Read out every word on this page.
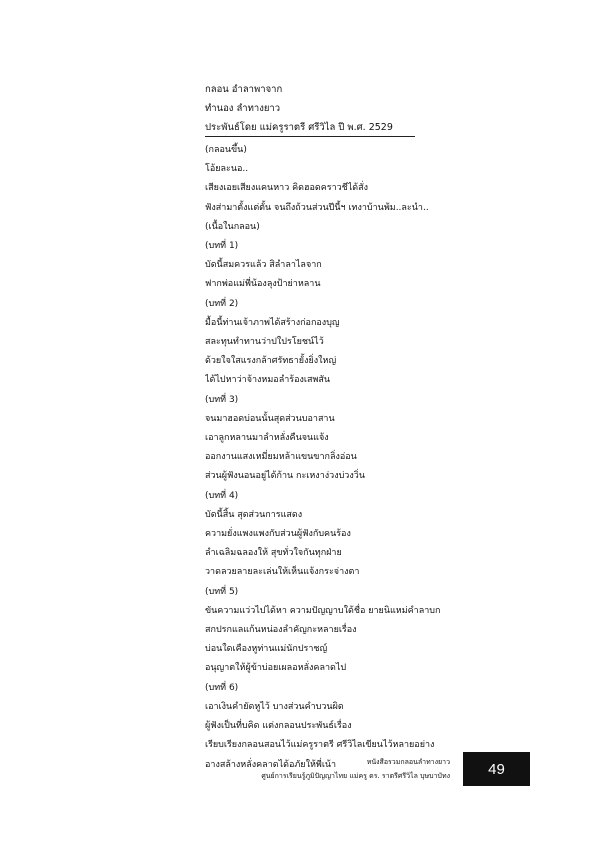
กลอน อำลาพาจาก
ทำนอง ลำทางยาว
ประพันธ์โดย แม่ครูราตรี ศรีวิไล ปี พ.ศ. 2529
(กลอนขึ้น)
โอ้ยละนอ..
เสียงเอยเสียงแคนหาว คิดฮอดคราวชีได้สั่ง
ฟังส่ามาตั้งแต่ตั้น จนถึงถ้วนส่วนปีนี้ฯ เทงาบ้านพ้ม..ละนำ..
(เนื้อในกลอน)
(บทที่ 1)
บัดนี้สมควรแล้ว สิลำลาไลจาก
ฟากพ่อแม่พี่น้องลุงป้าย่าหลาน
(บทที่ 2)
มื้อนี้ท่านเจ้าภาพได้สร้างก่อกองบุญ
สละทุนทำทานว่าปใปรโยชน์ไว้
ด้วยใจใสแรงกล้าศรัทธายั้งยิ่งใหญ่
ได้ไปหาว่าจ้างหมอลำร้องเสพสัน
(บทที่ 3)
จนมาฮอดบ่อนนั้นสุดส่วนบอาสาน
เอาลูกหลานมาลำหลั่งคืนจนแจ้ง
ออกงานแสงเหมี่ยมหล้าแขนขากลิ่งอ่อน
ส่วนผู้ฟังนอนอยู่ได้ก้าน กะเหงาง่วงบ่วงวิ่น
(บทที่ 4)
บัดนี้สิ้น สุดส่วนการแสดง
ความยั่งแพงแพงกับส่วนผู้ฟังกับคนร้อง
ลำเฉลิมฉลองให้ สุขทั่วใจกันทุกฝ่าย
วาดลวยลายละเล่นให้เห็นแจ้งกระจ่างตา
(บทที่ 5)
ขันความแว่วไปได้หา ความปัญญาบใด้ชื่อ ยายนิแหม่คำลาบก
สกปรกแลแก้นหน่องลำคัญกะหลายเรื่อง
บ่อนใดเคืองหูท่านแม่นักปราชญ์
อนุญาตให้ผู้ข้าบ่อยเผลอหลั่งคลาดไป
(บทที่ 6)
เอาเงินคำยัดหูไว้ บางส่วนคำบวนผิด
ผู้ฟังเป็นที่บคิด แต่งกลอนประพันธ์เรื่อง
เรียบเรียงกลอนสอนไว้แม่ครูราตรี ศรีวิไลเขียนไว้หลายอย่าง
อางสล้างหลั่งคลาดได้อภัยให้พี่เน้า	หนังสือรวมกลอนลำทางยาว
ศูนย์การเรียนรู้ภูมิปัญญาไทย แม่ครู ดร. ราตรีศรีวิไล บุษบาบัทง	49
